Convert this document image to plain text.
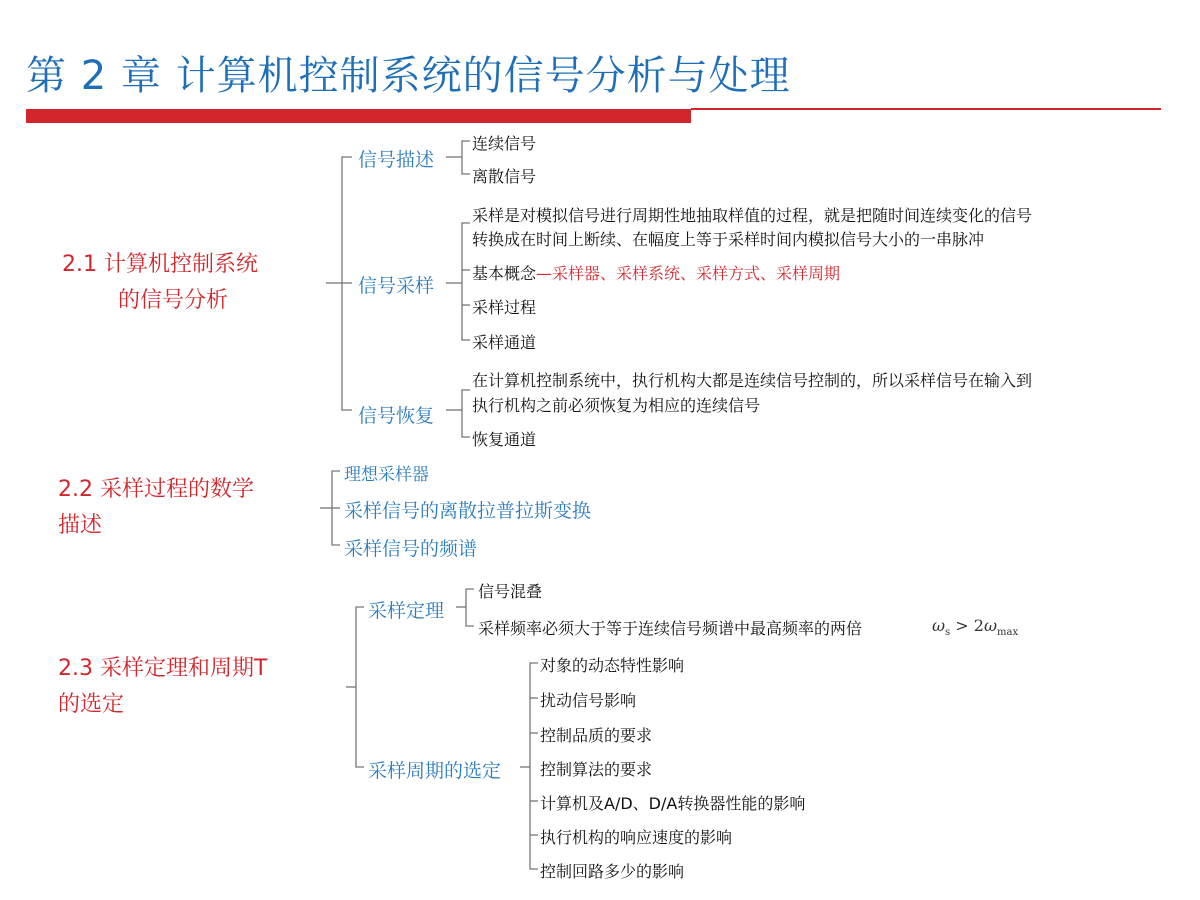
第 2 章 计算机控制系统的信号分析与处理
2.1 计算机控制系统
的信号分析
信号描述
连续信号
离散信号
信号采样
采样是对模拟信号进行周期性地抽取样值的过程，就是把随时间连续变化的信号
转换成在时间上断续、在幅度上等于采样时间内模拟信号大小的一串脉冲
基本概念—采样器、采样系统、采样方式、采样周期
采样过程
采样通道
信号恢复
在计算机控制系统中，执行机构大都是连续信号控制的，所以采样信号在输入到
执行机构之前必须恢复为相应的连续信号
恢复通道
2.2 采样过程的数学
描述
理想采样器
采样信号的离散拉普拉斯变换
采样信号的频谱
2.3 采样定理和周期T
的选定
采样定理
信号混叠
采样频率必须大于等于连续信号频谱中最高频率的两倍	$\omega_s > 2\omega_{max}$
采样周期的选定
对象的动态特性影响
扰动信号影响
控制品质的要求
控制算法的要求
计算机及A/D、D/A转换器性能的影响
执行机构的响应速度的影响
控制回路多少的影响
